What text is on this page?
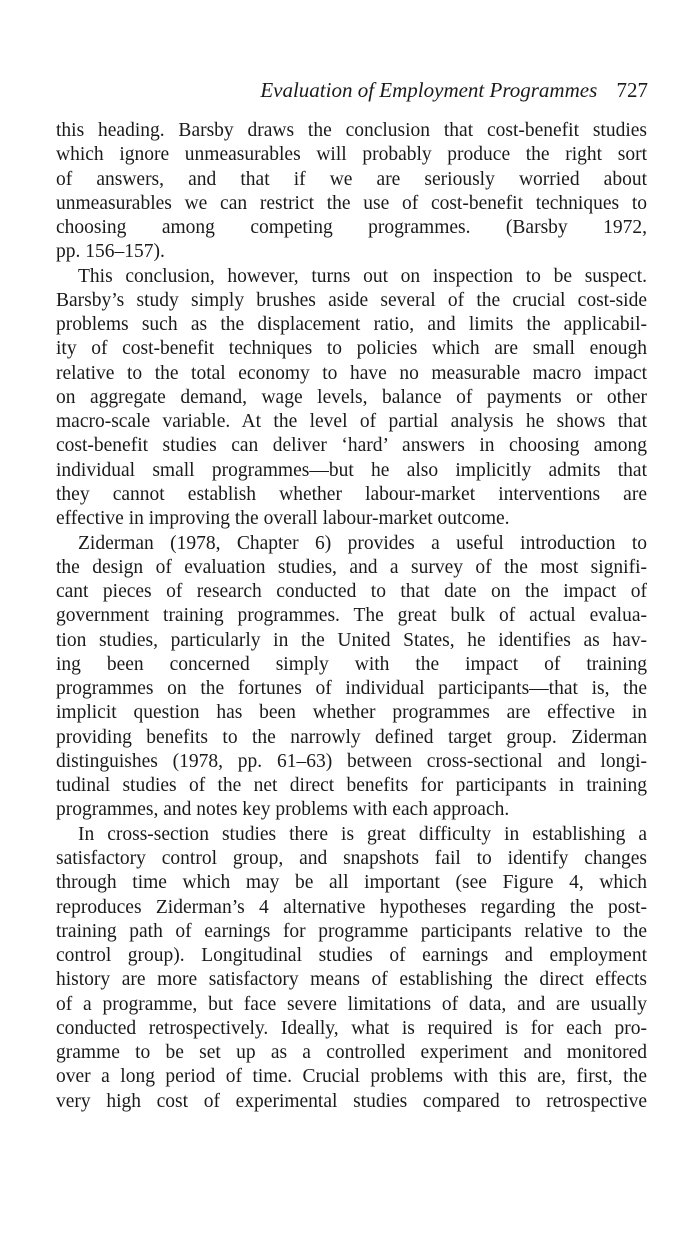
Evaluation of Employment Programmes 727
this heading. Barsby draws the conclusion that cost-benefit studies
which ignore unmeasurables will probably produce the right sort
of answers, and that if we are seriously worried about
unmeasurables we can restrict the use of cost-benefit techniques to
choosing among competing programmes. (Barsby 1972,
pp. 156–157).
This conclusion, however, turns out on inspection to be suspect.
Barsby’s study simply brushes aside several of the crucial cost-side
problems such as the displacement ratio, and limits the applicabil-
ity of cost-benefit techniques to policies which are small enough
relative to the total economy to have no measurable macro impact
on aggregate demand, wage levels, balance of payments or other
macro-scale variable. At the level of partial analysis he shows that
cost-benefit studies can deliver ‘hard’ answers in choosing among
individual small programmes—but he also implicitly admits that
they cannot establish whether labour-market interventions are
effective in improving the overall labour-market outcome.
Ziderman (1978, Chapter 6) provides a useful introduction to
the design of evaluation studies, and a survey of the most signifi-
cant pieces of research conducted to that date on the impact of
government training programmes. The great bulk of actual evalua-
tion studies, particularly in the United States, he identifies as hav-
ing been concerned simply with the impact of training
programmes on the fortunes of individual participants—that is, the
implicit question has been whether programmes are effective in
providing benefits to the narrowly defined target group. Ziderman
distinguishes (1978, pp. 61–63) between cross-sectional and longi-
tudinal studies of the net direct benefits for participants in training
programmes, and notes key problems with each approach.
In cross-section studies there is great difficulty in establishing a
satisfactory control group, and snapshots fail to identify changes
through time which may be all important (see Figure 4, which
reproduces Ziderman’s 4 alternative hypotheses regarding the post-
training path of earnings for programme participants relative to the
control group). Longitudinal studies of earnings and employment
history are more satisfactory means of establishing the direct effects
of a programme, but face severe limitations of data, and are usually
conducted retrospectively. Ideally, what is required is for each pro-
gramme to be set up as a controlled experiment and monitored
over a long period of time. Crucial problems with this are, first, the
very high cost of experimental studies compared to retrospective
